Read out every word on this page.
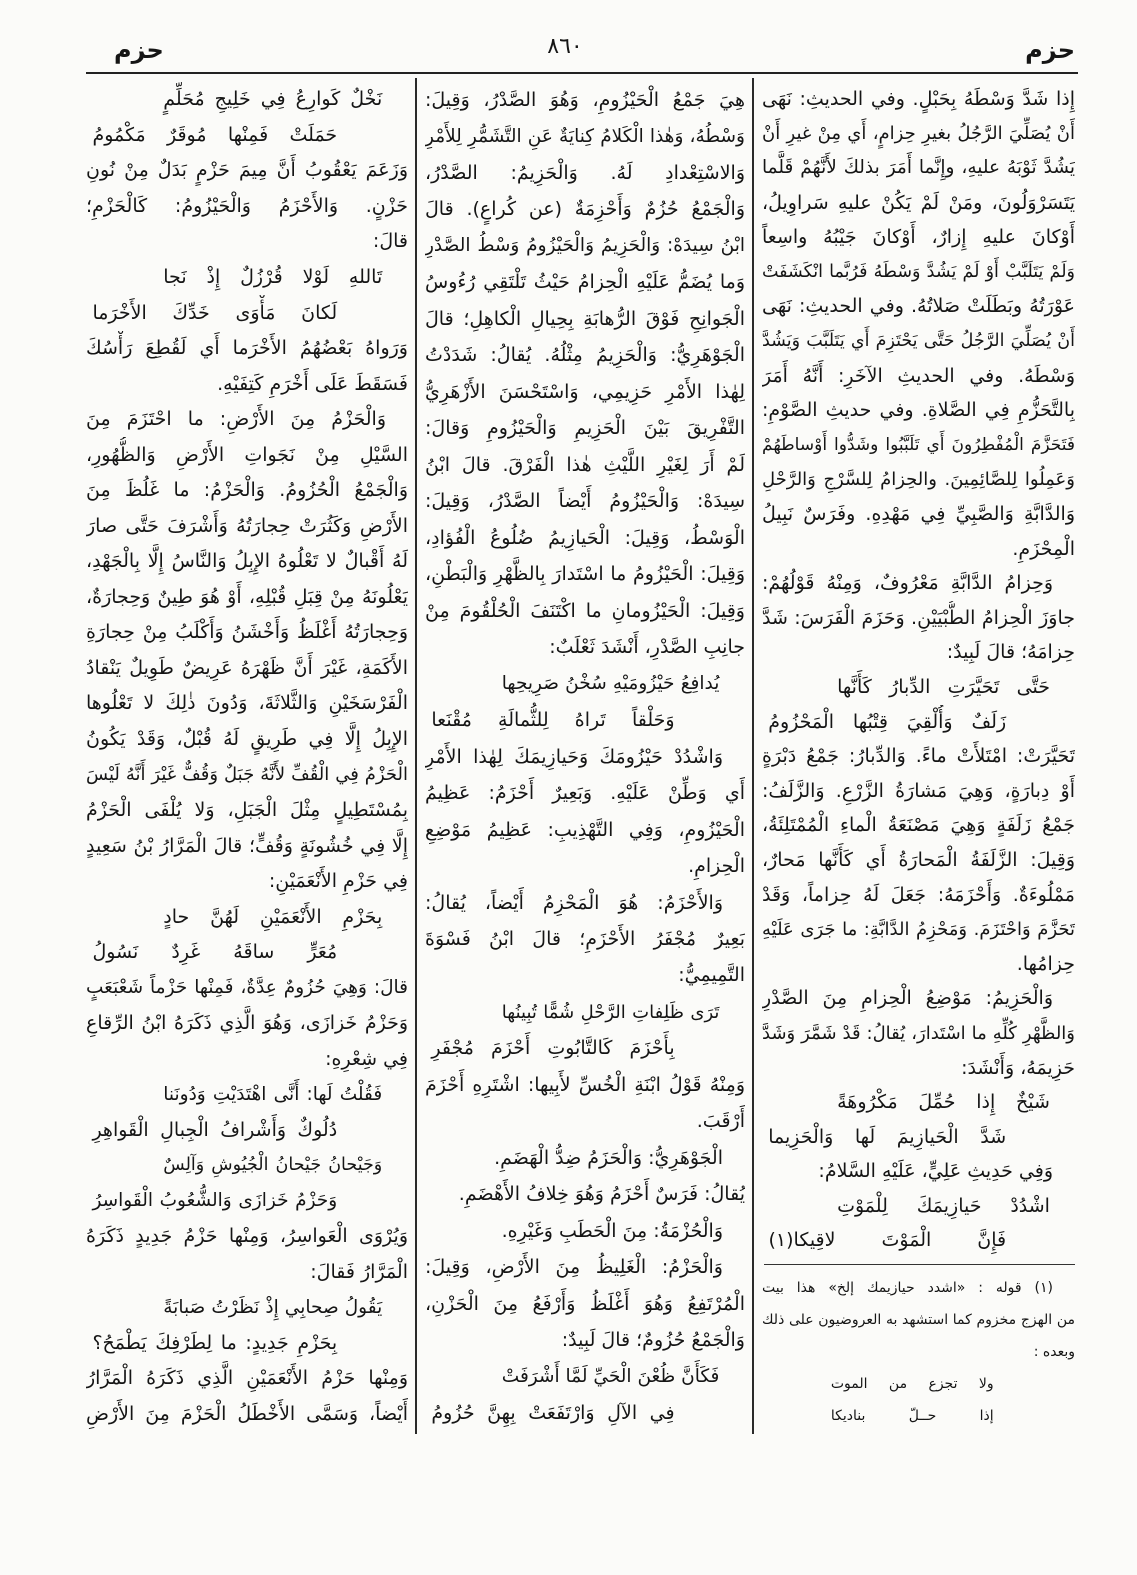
حزم	٨٦٠	حزم
إِذا شَدَّ وَسْطَهُ بِحَبْلٍ. وفي الحديثِ: نَهَى
أَنْ يُصَلِّيَ الرَّجُلُ بغيرِ حِزامٍ، أَي مِنْ غيرِ أَنْ
يَشُدَّ ثَوْبَهُ عليهِ، وإِنَّما أَمَرَ بذلكَ لأَنَّهُمْ قَلَّما
يَتَسَرْوَلُونَ، ومَنْ لَمْ يَكُنْ عليهِ سَراوِيلُ،
أَوْكانَ عليهِ إِزارٌ، أَوْكانَ جَيْبُهُ واسِعاً
وَلَمْ يَتَلَبَّبْ أَوْ لَمْ يَشُدَّ وَسْطَهُ فَرُبَّما انْكَشَفَتْ
عَوْرَتُهُ وبَطَلَتْ صَلاتُهُ. وفي الحديثِ: نَهَى
أَنْ يُصَلِّيَ الرَّجُلُ حَتَّى يَحْتَزِمَ أَي يَتَلَبَّبَ وَيَشُدَّ
وَسْطَهُ. وفي الحديثِ الآخَرِ: أَنَّهُ أَمَرَ
بِالتَّحَزُّمِ فِي الصَّلاةِ. وفي حديثِ الصَّوْمِ:
فَتَحَزَّمَ الْمُفْطِرُونَ أَي تَلَبَّبُوا وشَدُّوا أَوْساطَهُمْ
وَعَمِلُوا لِلصَّائِمِينَ. والحِزامُ لِلسَّرْجِ وَالرَّحْلِ
وَالدَّابَّةِ وَالصَّبِيِّ فِي مَهْدِهِ. وفَرَسٌ نَبِيلُ
الْمِحْزَمِ.
وَحِزامُ الدَّابَّةِ مَعْرُوفٌ، وَمِنْهُ قَوْلُهُمْ:
جاوَزَ الْحِزامُ الطُّبْيَيْنِ. وَحَزَمَ الْفَرَسَ: شَدَّ
حِزامَهُ؛ قالَ لَبِيدٌ:
حَتَّى تَحَيَّرَتِ الدِّبارُ كَأَنَّها
زَلَفٌ وَأُلْقِيَ قِتْبُها الْمَحْزُومُ
تَحَيَّرَتْ: امْتَلأَتْ ماءً. وَالدِّبارُ: جَمْعُ دَبْرَةٍ
أَوْ دِبارَةٍ، وَهِيَ مَشارَةُ الزَّرْعِ. وَالزَّلَفُ:
جَمْعُ زَلَفَةٍ وَهِيَ مَصْنَعَةُ الْماءِ الْمُمْتَلِئَةُ،
وَقِيلَ: الزَّلَفَةُ الْمَحارَةُ أَي كَأَنَّها مَحارٌ،
مَمْلُوءَةٌ. وَأَحْزَمَهُ: جَعَلَ لَهُ حِزاماً، وَقَدْ
تَحَزَّمَ وَاحْتَزَمَ. وَمَحْزِمُ الدَّابَّةِ: ما جَرَى عَلَيْهِ
حِزامُها.
وَالْحَزِيمُ: مَوْضِعُ الْحِزامِ مِنَ الصَّدْرِ
وَالظَّهْرِ كُلِّهِ ما اسْتَدارَ، يُقالُ: قَدْ شَمَّرَ وَشَدَّ
حَزِيمَهُ، وَأَنْشَدَ:
شَيْخٌ إِذا حُمِّلَ مَكْرُوهَةً
شَدَّ الْحَيازِيمَ لَها وَالْحَزِيما
وَفِي حَدِيثِ عَلِيٍّ، عَلَيْهِ السَّلامُ:
اشْدُدْ حَيازِيمَكَ لِلْمَوْتِ
فَإِنَّ الْمَوْتَ لاقِيكا(١)
(١) قوله : «اشدد حيازيمك إلخ» هذا بيت
من الهزج مخزوم كما استشهد به العروضيون على ذلك
وبعده :
ولا تجزع من الموت
إذا حــلّ بناديكا
هِيَ جَمْعُ الْحَيْزُومِ، وَهُوَ الصَّدْرُ، وَقِيلَ:
وَسْطُهُ، وَهٰذا الْكَلامُ كِنايَةٌ عَنِ التَّشَمُّرِ لِلأَمْرِ
وَالاسْتِعْدادِ لَهُ. وَالْحَزِيمُ: الصَّدْرُ،
وَالْجَمْعُ حُزُمٌ وَأَحْزِمَةٌ (عن كُراعٍ). قالَ
ابْنُ سِيدَهْ: وَالْحَزِيمُ وَالْحَيْزُومُ وَسْطُ الصَّدْرِ
وَما يُضَمُّ عَلَيْهِ الْحِزامُ حَيْثُ تَلْتَقِي رُءُوسُ
الْجَوانِحِ فَوْقَ الرُّهابَةِ بِحِيالِ الْكاهِلِ؛ قالَ
الْجَوْهَرِيُّ: وَالْحَزِيمُ مِثْلُهُ. يُقالُ: شَدَدْتُ
لِهٰذا الأَمْرِ حَزِيمِي، وَاسْتَحْسَنَ الأَزْهَرِيُّ
التَّفْرِيقَ بَيْنَ الْحَزِيمِ وَالْحَيْزُومِ وَقالَ:
لَمْ أَرَ لِغَيْرِ اللَّيْثِ هٰذا الْفَرْقَ. قالَ ابْنُ
سِيدَهْ: وَالْحَيْزُومُ أَيْضاً الصَّدْرُ، وَقِيلَ:
الْوَسْطُ، وَقِيلَ: الْحَيازِيمُ ضُلُوعُ الْفُؤادِ،
وَقِيلَ: الْحَيْزُومُ ما اسْتَدارَ بِالظَّهْرِ وَالْبَطْنِ،
وَقِيلَ: الْحَيْزُومانِ ما اكْتَنَفَ الْحُلْقُومَ مِنْ
جانِبِ الصَّدْرِ، أَنْشَدَ ثَعْلَبٌ:
يُدافِعُ حَيْزُومَيْهِ سُخْنُ صَرِيحِها
وَحَلْقاً تَراهُ لِلثُّمالَةِ مُقْنَعا
وَاشْدُدْ حَيْزُومَكَ وَحَيازِيمَكَ لِهٰذا الأَمْرِ
أَي وَطِّنْ عَلَيْهِ. وَبَعِيرٌ أَحْزَمُ: عَظِيمُ
الْحَيْزُومِ، وَفِي التَّهْذِيبِ: عَظِيمُ مَوْضِعِ
الْحِزامِ.
وَالأَحْزَمُ: هُوَ الْمَحْزِمُ أَيْضاً، يُقالُ:
بَعِيرٌ مُجْفَرُ الأَحْزَمِ؛ قالَ ابْنُ فَسْوَةَ
التَّمِيمِيُّ:
تَرَى ظَلِفاتِ الرَّحْلِ شُمًّا تُبِينُها
بِأَحْزَمَ كَالتَّابُوتِ أَحْزَمَ مُجْفَرِ
وَمِنْهُ قَوْلُ ابْنَةِ الْخُسِّ لأَبِيها: اشْتَرِهِ أَحْزَمَ
أَرْقَبَ.
الْجَوْهَرِيُّ: وَالْحَزَمُ ضِدُّ الْهَضَمِ.
يُقالُ: فَرَسٌ أَحْزَمُ وَهُوَ خِلافُ الأَهْضَمِ.
وَالْحُزْمَةُ: مِنَ الْحَطَبِ وَغَيْرِهِ.
وَالْحَزْمُ: الْغَلِيظُ مِنَ الأَرْضِ، وَقِيلَ:
الْمُرْتَفِعُ وَهُوَ أَغْلَظُ وَأَرْفَعُ مِنَ الْحَزْنِ،
وَالْجَمْعُ حُزُومٌ؛ قالَ لَبِيدٌ:
فَكَأَنَّ ظُعْنَ الْحَيِّ لَمَّا أَشْرَفَتْ
فِي الآلِ وَارْتَفَعَتْ بِهِنَّ حُزُومُ
نَخْلٌ كَوارِعُ فِي خَلِيجِ مُحَلِّمٍ
حَمَلَتْ فَمِنْها مُوقَرٌ مَكْمُومُ
وَزَعَمَ يَعْقُوبُ أَنَّ مِيمَ حَزْمٍ بَدَلٌ مِنْ نُونِ
حَزْنٍ. وَالأَحْزَمُ وَالْحَيْزُومُ: كَالْحَزْمِ؛
قالَ:
تَاللهِ لَوْلا قُرْزُلٌ إِذْ نَجا
لَكانَ مَأْوَى خَدِّكَ الأَخْرَما
وَرَواهُ بَعْضُهُمُ الأَخْرَما أَي لَقُطِعَ رَأْسُكَ
فَسَقَطَ عَلَى أَخْرَمِ كَتِفَيْهِ.
وَالْحَزْمُ مِنَ الأَرْضِ: ما احْتَزَمَ مِنَ
السَّيْلِ مِنْ نَجَواتِ الأَرْضِ وَالظُّهُورِ،
وَالْجَمْعُ الْحُزُومُ. وَالْحَزْمُ: ما غَلُظَ مِنَ
الأَرْضِ وَكَثُرَتْ حِجارَتُهُ وَأَشْرَفَ حَتَّى صارَ
لَهُ أَقْبالٌ لا تَعْلُوهُ الإِبِلُ وَالنَّاسُ إِلَّا بِالْجَهْدِ،
يَعْلُونَهُ مِنْ قِبَلِ قُبْلِهِ، أَوْ هُوَ طِينٌ وَحِجارَةٌ،
وَحِجارَتُهُ أَغْلَظُ وَأَخْشَنُ وَأَكْلَبُ مِنْ حِجارَةِ
الأَكَمَةِ، غَيْرَ أَنَّ ظَهْرَهُ عَرِيضٌ طَوِيلٌ يَنْقادُ
الْفَرْسَخَيْنِ وَالثَّلاثَةَ، وَدُونَ ذٰلِكَ لا تَعْلُوها
الإِبِلُ إِلَّا فِي طَرِيقٍ لَهُ قُبْلٌ، وَقَدْ يَكُونُ
الْحَزْمُ فِي الْقُفِّ لأَنَّهُ جَبَلٌ وَقُفٌّ غَيْرَ أَنَّهُ لَيْسَ
بِمُسْتَطِيلٍ مِثْلَ الْجَبَلِ، وَلا يُلْفَى الْحَزْمُ
إِلَّا فِي خُشُونَةٍ وَقُفٍّ؛ قالَ الْمَرَّارُ بْنُ سَعِيدٍ
فِي حَزْمِ الأَنْعَمَيْنِ:
بِحَزْمِ الأَنْعَمَيْنِ لَهُنَّ حادٍ
مُعَرٍّ ساقَهُ غَرِدٌ نَسُولُ
قالَ: وَهِيَ حُزُومٌ عِدَّةٌ، فَمِنْها حَزْماً شَعْبَعَبٍ
وَحَزْمُ خَزازَى، وَهُوَ الَّذِي ذَكَرَهُ ابْنُ الرِّقاعِ
فِي شِعْرِهِ:
فَقُلْتُ لَها: أَنَّى اهْتَدَيْتِ وَدُونَنا
دُلُوكٌ وَأَشْرافُ الْجِبالِ الْقَواهِرِ
وَجَيْحانُ جَيْحانُ الْجُيُوشِ وَآلِسٌ
وَحَزْمُ خَزازَى وَالشُّعُوبُ الْقَواسِرُ
وَيُرْوَى الْعَواسِرُ، وَمِنْها حَزْمُ جَدِيدٍ ذَكَرَهُ
الْمَرَّارُ فَقالَ:
يَقُولُ صِحابِي إِذْ نَظَرْتُ صَبابَةً
بِحَزْمِ جَدِيدٍ: ما لِطَرْفِكَ يَطْمَحُ؟
وَمِنْها حَزْمُ الأَنْعَمَيْنِ الَّذِي ذَكَرَهُ الْمَرَّارُ
أَيْضاً، وَسَمَّى الأَخْطَلُ الْحَزْمَ مِنَ الأَرْضِ
